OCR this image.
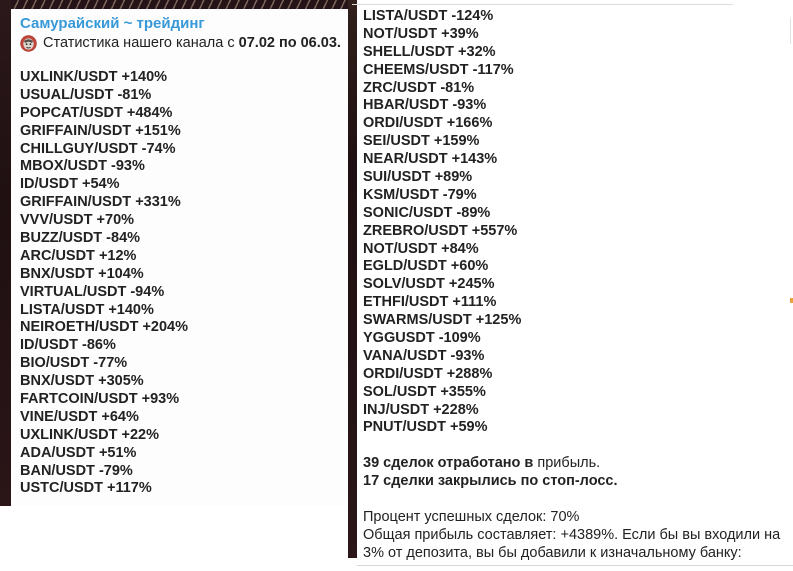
Самурайский ~ трейдинг
Статистика нашего канала с 07.02 по 06.03.
UXLINK/USDT +140%
USUAL/USDT -81%
POPCAT/USDT +484%
GRIFFAIN/USDT +151%
CHILLGUY/USDT -74%
MBOX/USDT -93%
ID/USDT +54%
GRIFFAIN/USDT +331%
VVV/USDT +70%
BUZZ/USDT -84%
ARC/USDT +12%
BNX/USDT +104%
VIRTUAL/USDT -94%
LISTA/USDT +140%
NEIROETH/USDT +204%
ID/USDT -86%
BIO/USDT -77%
BNX/USDT +305%
FARTCOIN/USDT +93%
VINE/USDT +64%
UXLINK/USDT +22%
ADA/USDT +51%
BAN/USDT -79%
USTC/USDT +117%
LISTA/USDT -124%
NOT/USDT +39%
SHELL/USDT +32%
CHEEMS/USDT -117%
ZRC/USDT -81%
HBAR/USDT -93%
ORDI/USDT +166%
SEI/USDT +159%
NEAR/USDT +143%
SUI/USDT +89%
KSM/USDT -79%
SONIC/USDT -89%
ZREBRO/USDT +557%
NOT/USDT +84%
EGLD/USDT +60%
SOLV/USDT +245%
ETHFI/USDT +111%
SWARMS/USDT +125%
YGGUSDT -109%
VANA/USDT -93%
ORDI/USDT +288%
SOL/USDT +355%
INJ/USDT +228%
PNUT/USDT +59%
39 сделок отработано в прибыль.
17 сделки закрылись по стоп-лосс.
Процент успешных сделок: 70%
Общая прибыль составляет: +4389%. Если бы вы входили на
3% от депозита, вы бы добавили к изначальному банку:
